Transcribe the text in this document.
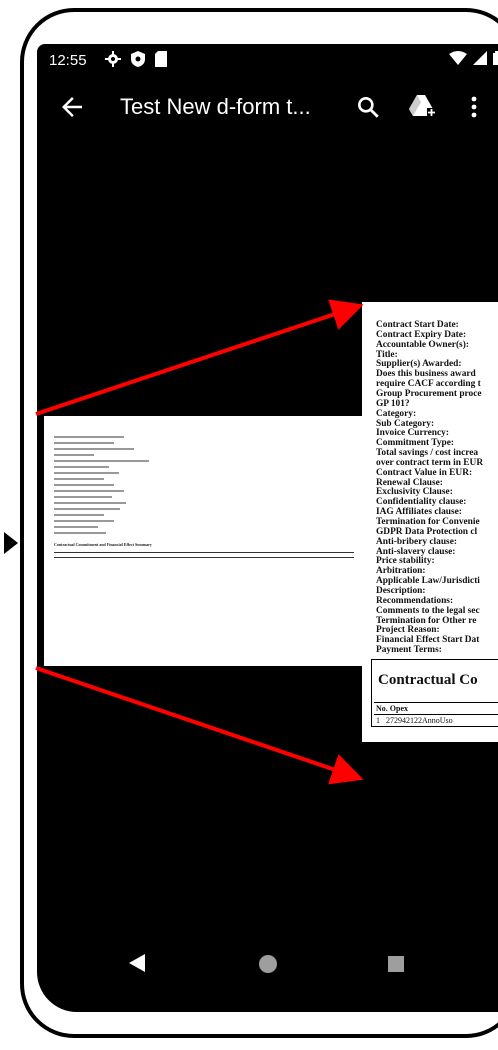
12:55
Test New d-form t...
Contractual Commitment and Financial Effect Summary
Contract Start Date:
Contract Expiry Date:
Accountable Owner(s):
Title:
Supplier(s) Awarded:
Does this business award
require CACF according t
Group Procurement proce
GP 101?
Category:
Sub Category:
Invoice Currency:
Commitment Type:
Total savings / cost increa
over contract term in EUR
Contract Value in EUR:
Renewal Clause:
Exclusivity Clause:
Confidentiality clause:
IAG Affiliates clause:
Termination for Convenie
GDPR Data Protection cl
Anti-bribery clause:
Anti-slavery clause:
Price stability:
Arbitration:
Applicable Law/Jurisdicti
Description:
Recommendations:
Comments to the legal sec
Termination for Other re
Project Reason:
Financial Effect Start Dat
Payment Terms:
Contractual Co
No. Opex
1 272942122AnnoUso
